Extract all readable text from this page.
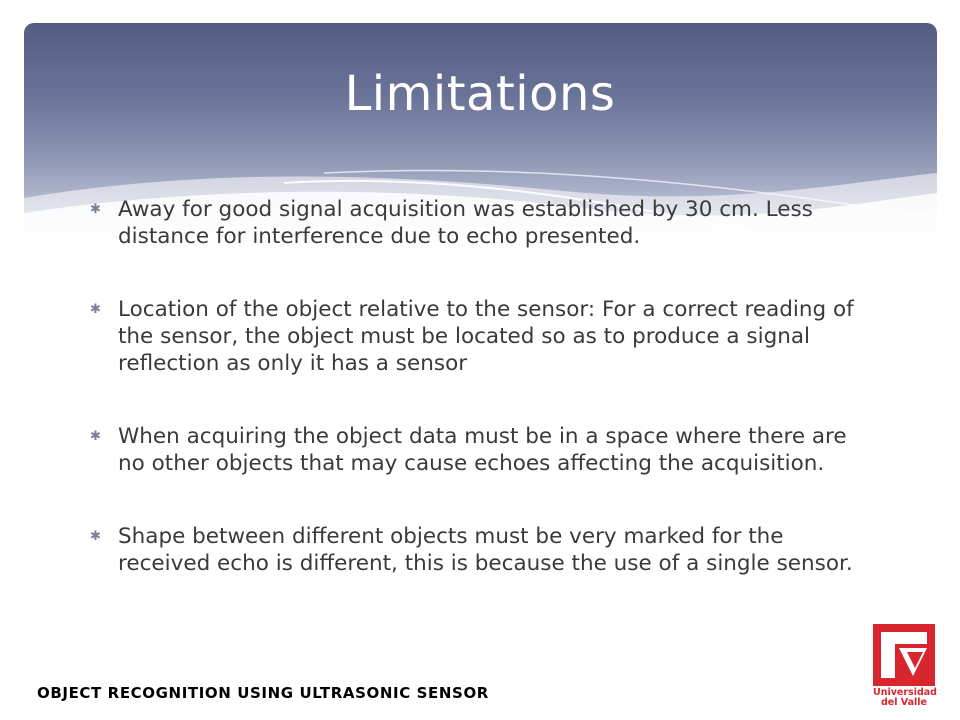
Limitations
✱ Away for good signal acquisition was established by 30 cm. Less distance for interference due to echo presented.
✱ Location of the object relative to the sensor: For a correct reading of the sensor, the object must be located so as to produce a signal reflection as only it has a sensor
✱ When acquiring the object data must be in a space where there are no other objects that may cause echoes affecting the acquisition.
✱ Shape between different objects must be very marked for the received echo is different, this is because the use of a single sensor.
OBJECT RECOGNITION USING ULTRASONIC SENSOR	Universidad
del Valle
